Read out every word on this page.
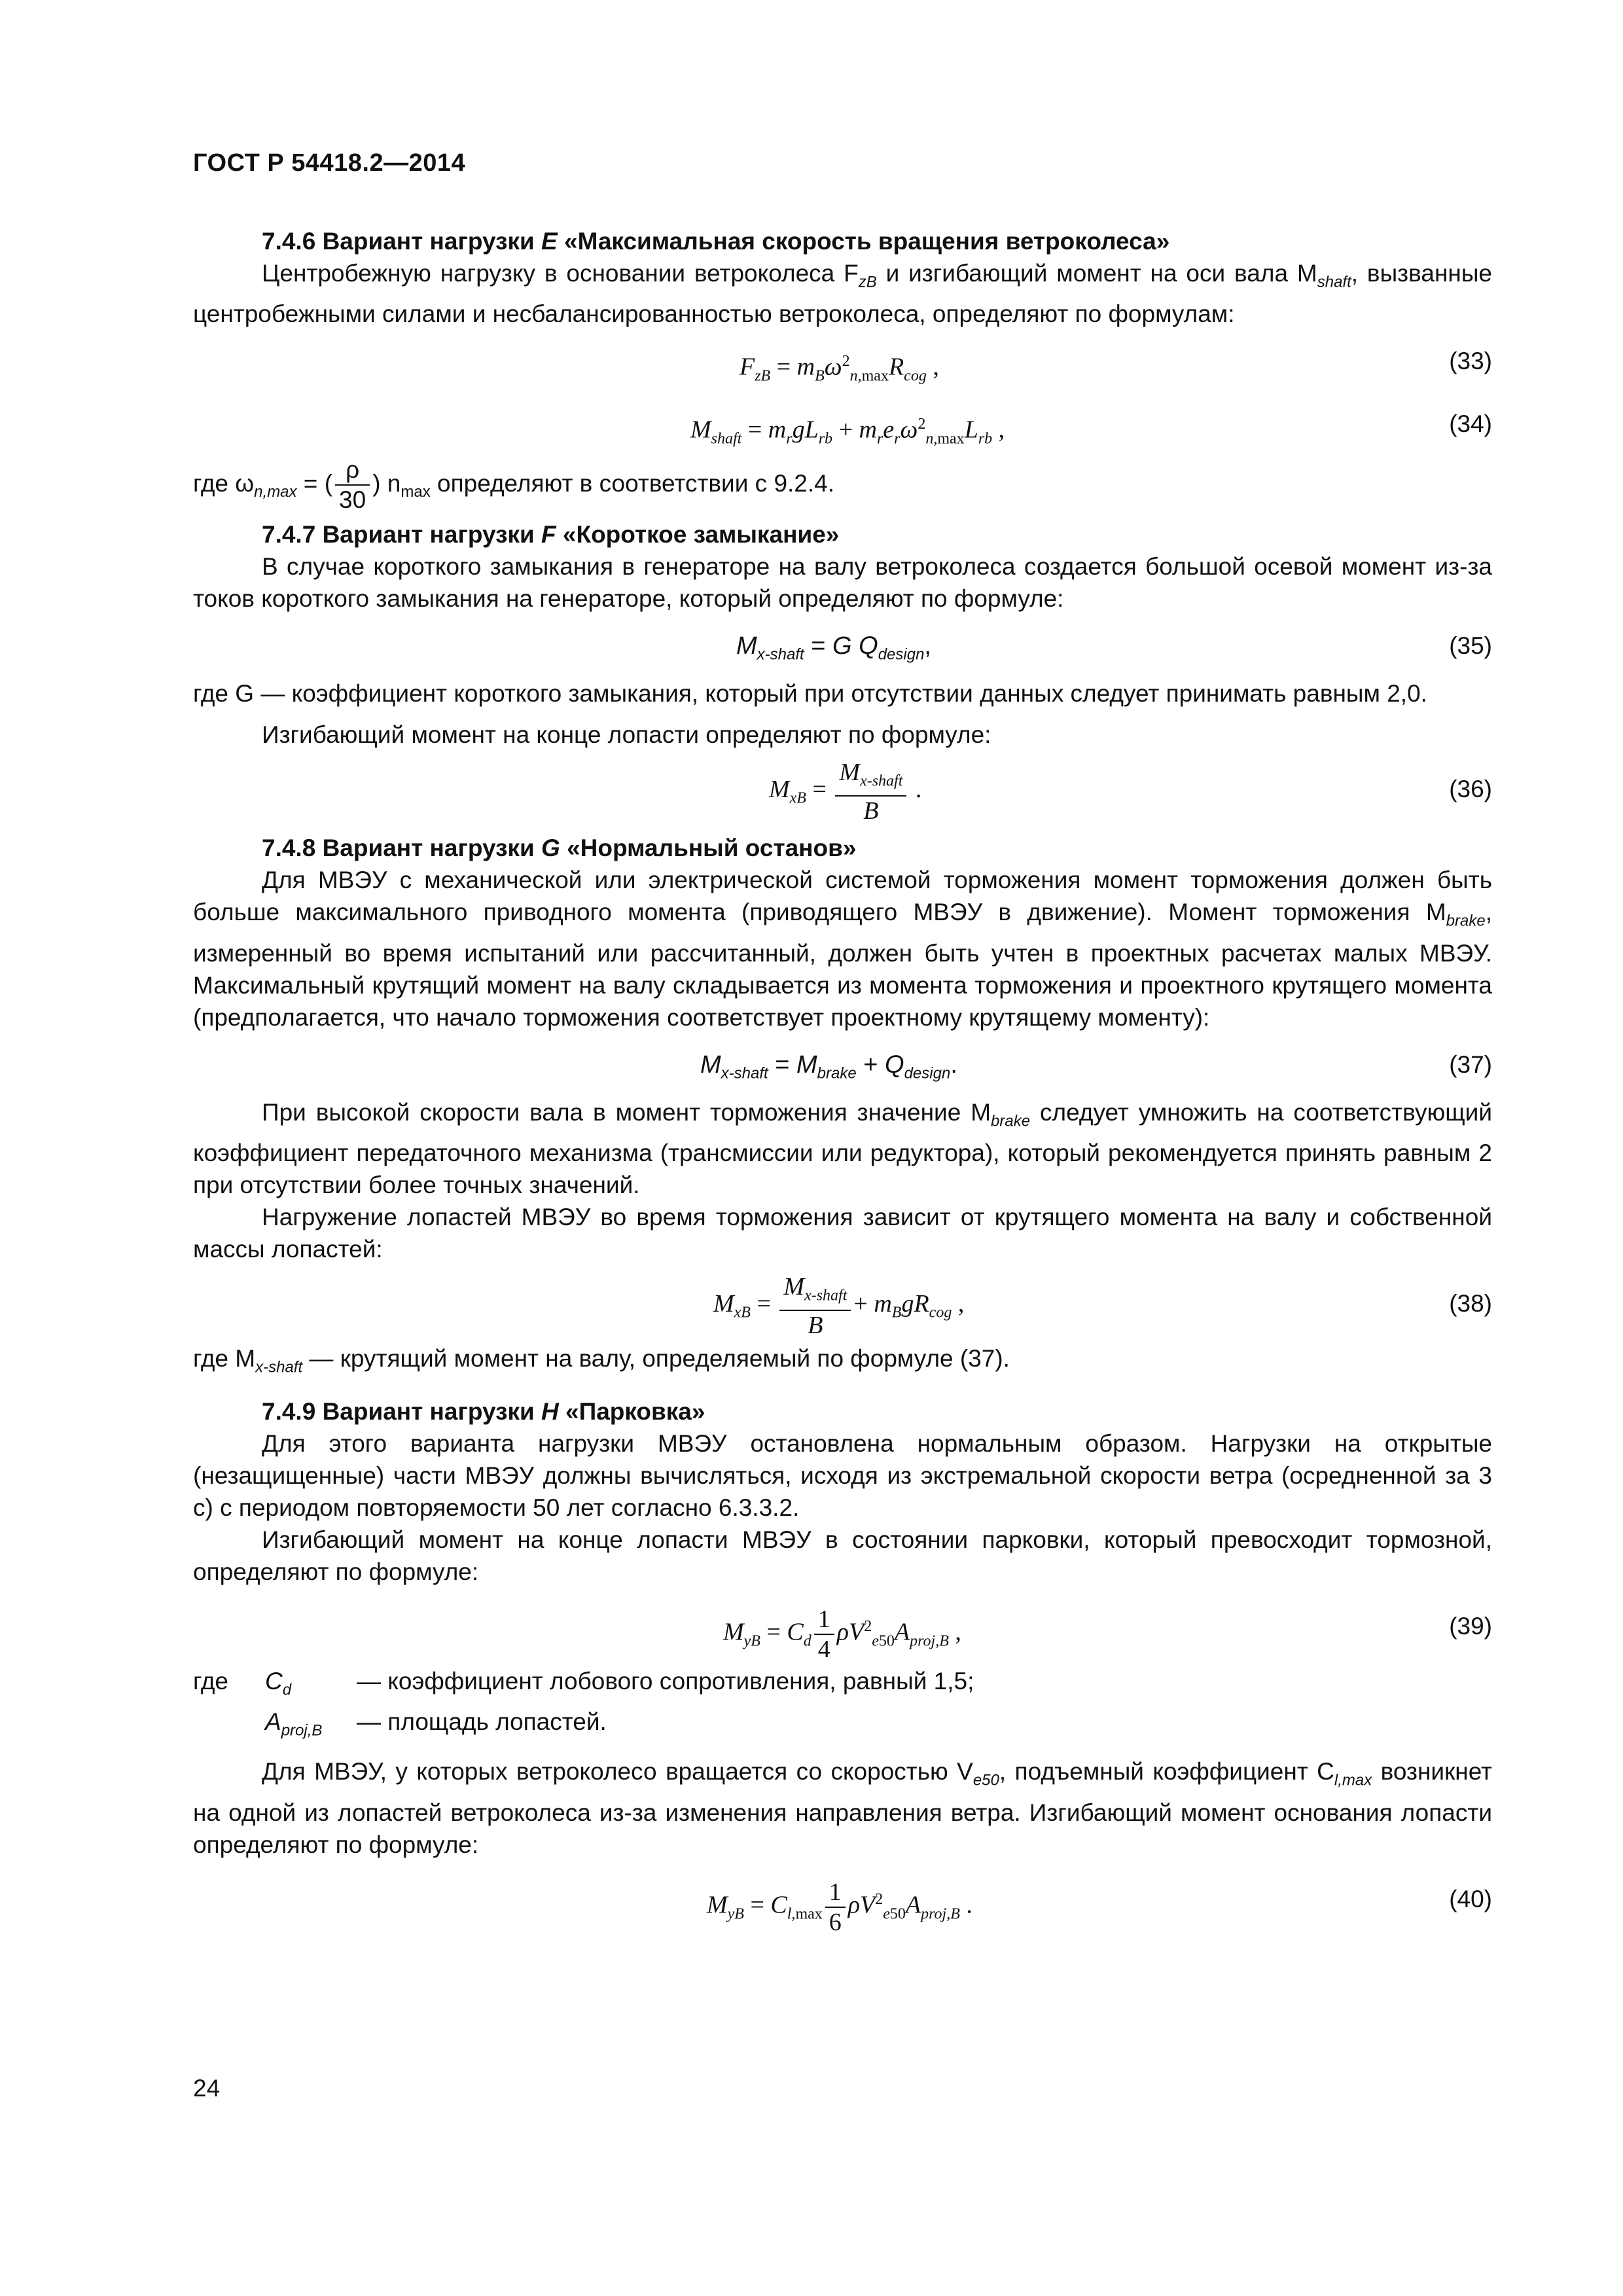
ГОСТ Р 54418.2—2014

7.4.6 Вариант нагрузки E «Максимальная скорость вращения ветроколеса»

Центробежную нагрузку в основании ветроколеса $F_{zB}$ и изгибающий момент на оси вала $M_{shaft}$, вызванные центробежными силами и несбалансированностью ветроколеса, определяют по формулам:

$F_{zB} = m_B\omega^2_{n,max}R_{cog}$ ,	(33)
$M_{shaft} = m_rgL_{rb} + m_re_r\omega^2_{n,max}L_{rb}$ ,	(34)

где $\omega_{n,max}$ = ( $\frac{\rho}{30}$ ) $n_{max}$ определяют в соответствии с 9.2.4.

7.4.7 Вариант нагрузки F «Короткое замыкание»

В случае короткого замыкания в генераторе на валу ветроколеса создается большой осевой момент из-за токов короткого замыкания на генераторе, который определяют по формуле:

$M_{x-shaft} = G$ $Q_{design}$,	(35)

где G — коэффициент короткого замыкания, который при отсутствии данных следует принимать равным 2,0.

Изгибающий момент на конце лопасти определяют по формуле:

$M_{xB} = \frac{M_{x-shaft}}{B}$ .	(36)

7.4.8 Вариант нагрузки G «Нормальный останов»

Для МВЭУ с механической или электрической системой торможения момент торможения должен быть больше максимального приводного момента (приводящего МВЭУ в движение). Момент торможения $M_{brake}$, измеренный во время испытаний или рассчитанный, должен быть учтен в проектных расчетах малых МВЭУ. Максимальный крутящий момент на валу складывается из момента торможения и проектного крутящего момента (предполагается, что начало торможения соответствует проектному крутящему моменту):

$M_{x-shaft} = M_{brake} + Q_{design}$.	(37)

При высокой скорости вала в момент торможения значение $M_{brake}$ следует умножить на соответствующий коэффициент передаточного механизма (трансмиссии или редуктора), который рекомендуется принять равным 2 при отсутствии более точных значений.

Нагружение лопастей МВЭУ во время торможения зависит от крутящего момента на валу и собственной массы лопастей:

$M_{xB} = \frac{M_{x-shaft}}{B} + m_BgR_{cog}$ ,	(38)

где $M_{x-shaft}$ — крутящий момент на валу, определяемый по формуле (37).

7.4.9 Вариант нагрузки H «Парковка»

Для этого варианта нагрузки МВЭУ остановлена нормальным образом. Нагрузки на открытые (незащищенные) части МВЭУ должны вычисляться, исходя из экстремальной скорости ветра (осредненной за 3 с) с периодом повторяемости 50 лет согласно 6.3.3.2.

Изгибающий момент на конце лопасти МВЭУ в состоянии парковки, который превосходит тормозной, определяют по формуле:

$M_{yB} = C_d \frac{1}{4} \rho V^2_{e50}A_{proj,B}$ ,	(39)
где	$C_d$	— коэффициент лобового сопротивления, равный 1,5;
$A_{proj,B}$	— площадь лопастей.

Для МВЭУ, у которых ветроколесо вращается со скоростью $V_{e50}$, подъемный коэффициент $C_{l,max}$ возникнет на одной из лопастей ветроколеса из-за изменения направления ветра. Изгибающий момент основания лопасти определяют по формуле:

$M_{yB} = C_{l,max} \frac{1}{6} \rho V^2_{e50}A_{proj,B}$ .	(40)
24
